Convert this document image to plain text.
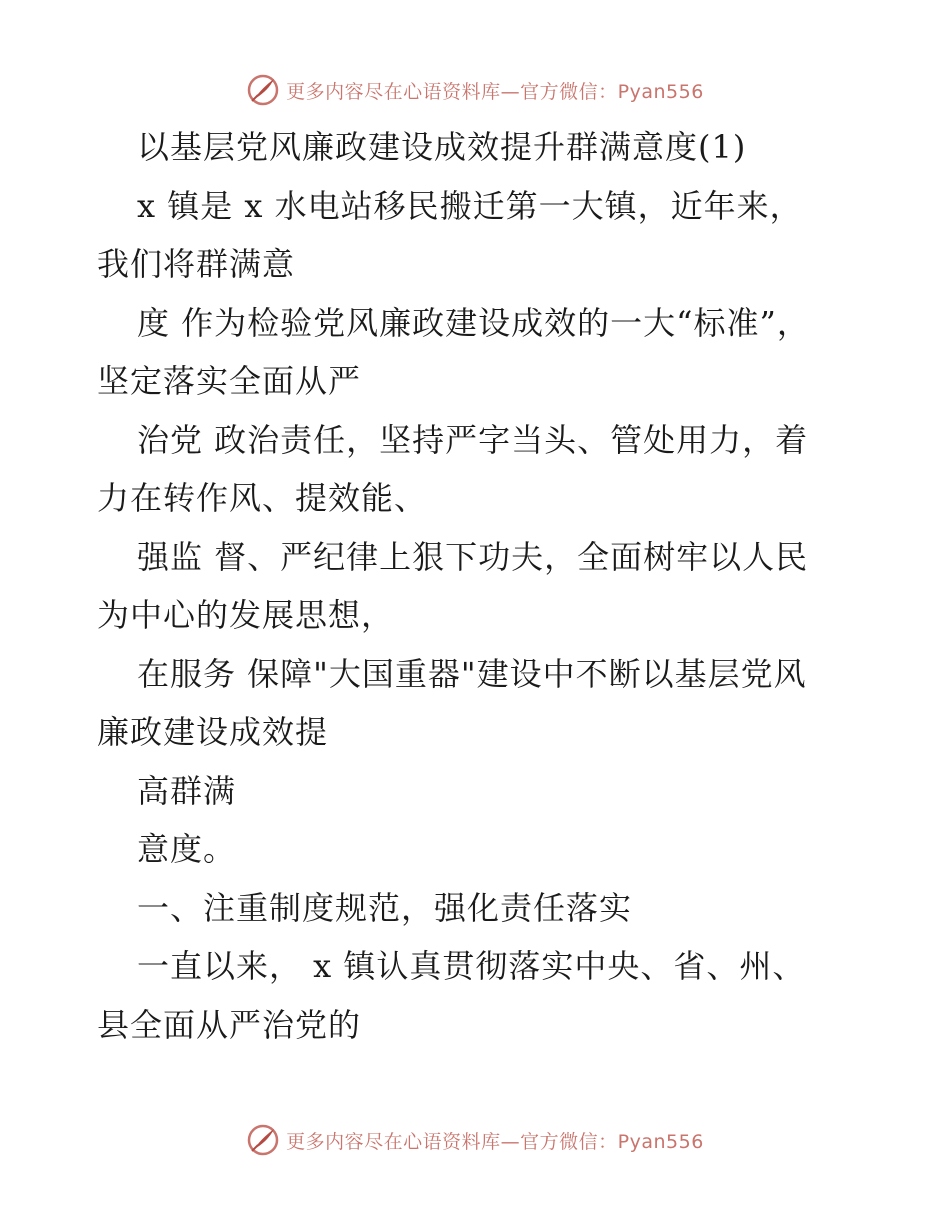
更多内容尽在心语资料库—官方微信：Pyan556
以基层党风廉政建设成效提升群满意度(1)
x 镇是 x 水电站移民搬迁第一大镇，近年来，
我们将群满意
度 作为检验党风廉政建设成效的一大“标准”，
坚定落实全面从严
治党 政治责任，坚持严字当头、管处用力，着
力在转作风、提效能、
强监 督、严纪律上狠下功夫，全面树牢以人民
为中心的发展思想，
在服务 保障"大国重器"建设中不断以基层党风
廉政建设成效提
高群满
意度。
一、注重制度规范，强化责任落实
一直以来， x 镇认真贯彻落实中央、省、州、
县全面从严治党的
更多内容尽在心语资料库—官方微信：Pyan556
